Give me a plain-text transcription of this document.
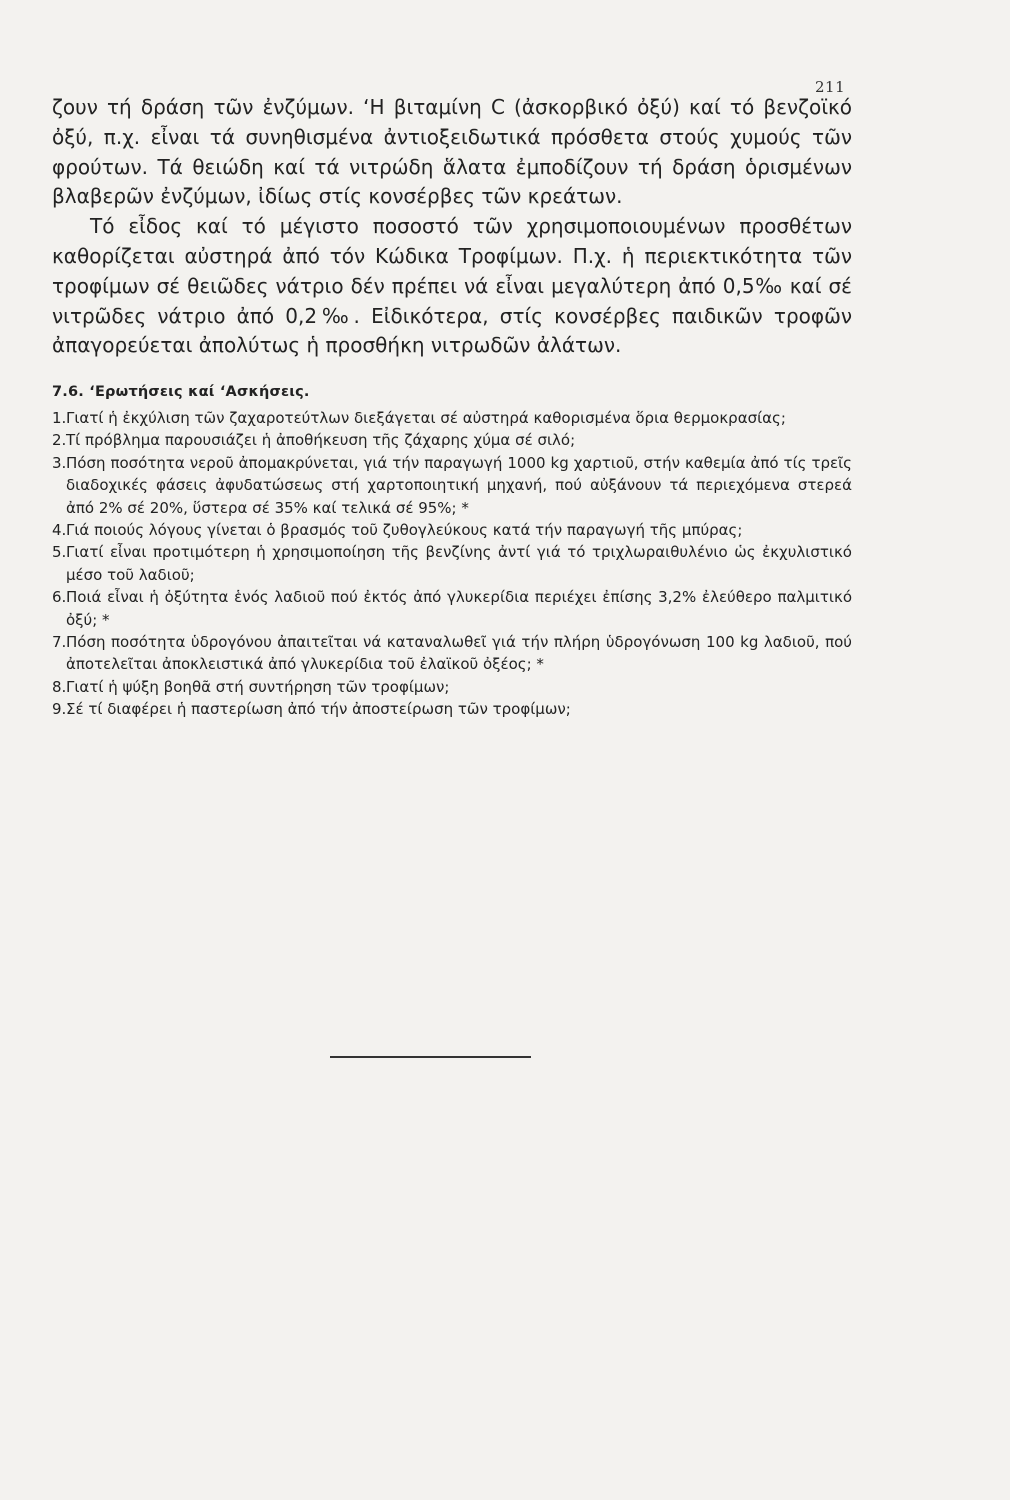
211

ζουν τή δράση τῶν ἐνζύμων. ‘Η βιταμίνη C (ἀσκορβικό ὀξύ) καί τό βενζοϊκό ὀξύ, π.χ. εἶναι τά συνηθισμένα ἀντιοξειδωτικά πρόσθετα στούς χυμούς τῶν φρούτων. Τά θειώδη καί τά νιτρώδη ἅλατα ἐμποδίζουν τή δράση ὁρισμένων βλαβερῶν ἐνζύμων, ἰδίως στίς κονσέρβες τῶν κρεάτων.

Τό εἶδος καί τό μέγιστο ποσοστό τῶν χρησιμοποιουμένων προσθέτων καθορίζεται αὐστηρά ἀπό τόν Κώδικα Τροφίμων. Π.χ. ἡ περιεκτικότητα τῶν τροφίμων σέ θειῶδες νάτριο δέν πρέπει νά εἶναι μεγαλύτερη ἀπό 0,5‰ καί σέ νιτρῶδες νάτριο ἀπό 0,2‰. Εἰδικότερα, στίς κονσέρβες παιδικῶν τροφῶν ἀπαγορεύεται ἀπολύτως ἡ προσθήκη νιτρωδῶν ἀλάτων.

7.6. ‘Ερωτήσεις καί ‘Ασκήσεις.
1. Γιατί ἡ ἐκχύλιση τῶν ζαχαροτεύτλων διεξάγεται σέ αὐστηρά καθορισμένα ὅρια θερμοκρασίας;
2. Τί πρόβλημα παρουσιάζει ἡ ἀποθήκευση τῆς ζάχαρης χύμα σέ σιλό;
3. Πόση ποσότητα νεροῦ ἀπομακρύνεται, γιά τήν παραγωγή 1000 kg χαρτιοῦ, στήν καθεμία ἀπό τίς τρεῖς διαδοχικές φάσεις ἀφυδατώσεως στή χαρτοποιητική μηχανή, πού αὐξάνουν τά περιεχόμενα στερεά ἀπό 2% σέ 20%, ὕστερα σέ 35% καί τελικά σέ 95%; *
4. Γιά ποιούς λόγους γίνεται ὁ βρασμός τοῦ ζυθογλεύκους κατά τήν παραγωγή τῆς μπύρας;
5. Γιατί εἶναι προτιμότερη ἡ χρησιμοποίηση τῆς βενζίνης ἀντί γιά τό τριχλωραιθυλένιο ὡς ἐκχυλιστικό μέσο τοῦ λαδιοῦ;
6. Ποιά εἶναι ἡ ὀξύτητα ἑνός λαδιοῦ πού ἐκτός ἀπό γλυκερίδια περιέχει ἐπίσης 3,2% ἐλεύθερο παλμιτικό ὀξύ; *
7. Πόση ποσότητα ὑδρογόνου ἀπαιτεῖται νά καταναλωθεῖ γιά τήν πλήρη ὑδρογόνωση 100 kg λαδιοῦ, πού ἀποτελεῖται ἀποκλειστικά ἀπό γλυκερίδια τοῦ ἐλαϊκοῦ ὀξέος; *
8. Γιατί ἡ ψύξη βοηθᾶ στή συντήρηση τῶν τροφίμων;
9. Σέ τί διαφέρει ἡ παστερίωση ἀπό τήν ἀποστείρωση τῶν τροφίμων;
